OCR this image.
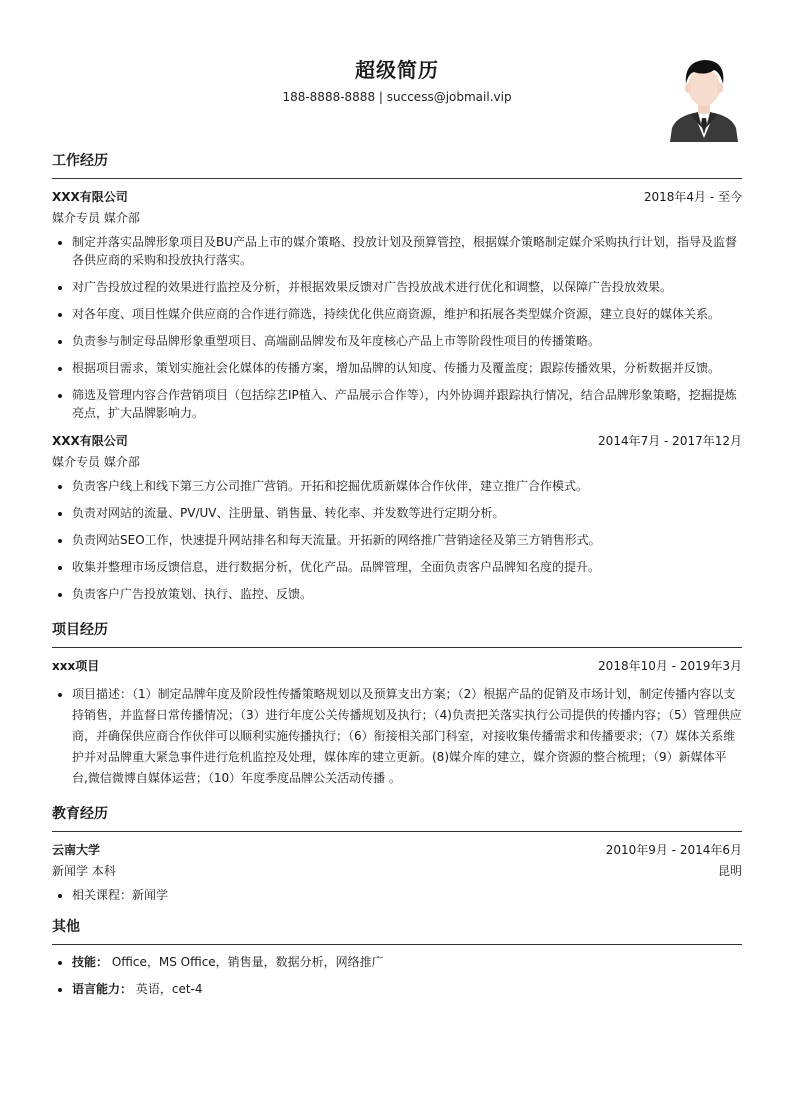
超级简历
188-8888-8888 | success@jobmail.vip
工作经历
XXX有限公司	2018年4月 - 至今
媒介专员 媒介部
• 制定并落实品牌形象项目及BU产品上市的媒介策略、投放计划及预算管控，根据媒介策略制定媒介采购执行计划，指导及监督各供应商的采购和投放执行落实。
• 对广告投放过程的效果进行监控及分析，并根据效果反馈对广告投放战术进行优化和调整，以保障广告投放效果。
• 对各年度、项目性媒介供应商的合作进行筛选，持续优化供应商资源，维护和拓展各类型媒介资源，建立良好的媒体关系。
• 负责参与制定母品牌形象重塑项目、高端副品牌发布及年度核心产品上市等阶段性项目的传播策略。
• 根据项目需求，策划实施社会化媒体的传播方案，增加品牌的认知度、传播力及覆盖度；跟踪传播效果，分析数据并反馈。
• 筛选及管理内容合作营销项目（包括综艺IP植入、产品展示合作等），内外协调并跟踪执行情况，结合品牌形象策略，挖掘提炼亮点，扩大品牌影响力。
XXX有限公司	2014年7月 - 2017年12月
媒介专员 媒介部
• 负责客户线上和线下第三方公司推广营销。开拓和挖掘优质新媒体合作伙伴，建立推广合作模式。
• 负责对网站的流量、PV/UV、注册量、销售量、转化率、并发数等进行定期分析。
• 负责网站SEO工作，快速提升网站排名和每天流量。开拓新的网络推广营销途径及第三方销售形式。
• 收集并整理市场反馈信息，进行数据分析，优化产品。品牌管理，全面负责客户品牌知名度的提升。
• 负责客户广告投放策划、执行、监控、反馈。
项目经历
xxx项目	2018年10月 - 2019年3月
• 项目描述：（1）制定品牌年度及阶段性传播策略规划以及预算支出方案；（2）根据产品的促销及市场计划，制定传播内容以支持销售，并监督日常传播情况；（3）进行年度公关传播规划及执行；（4)负责把关落实执行公司提供的传播内容；（5）管理供应商，并确保供应商合作伙伴可以顺利实施传播执行；（6）衔接相关部门科室，对接收集传播需求和传播要求；（7）媒体关系维护并对品牌重大紧急事件进行危机监控及处理，媒体库的建立更新。(8)媒介库的建立，媒介资源的整合梳理；（9）新媒体平台,微信微博自媒体运营；（10）年度季度品牌公关活动传播 。
教育经历
云南大学	2010年9月 - 2014年6月
新闻学 本科	昆明
• 相关课程：新闻学
其他
• 技能： Office，MS Office，销售量，数据分析，网络推广
• 语言能力： 英语，cet-4
